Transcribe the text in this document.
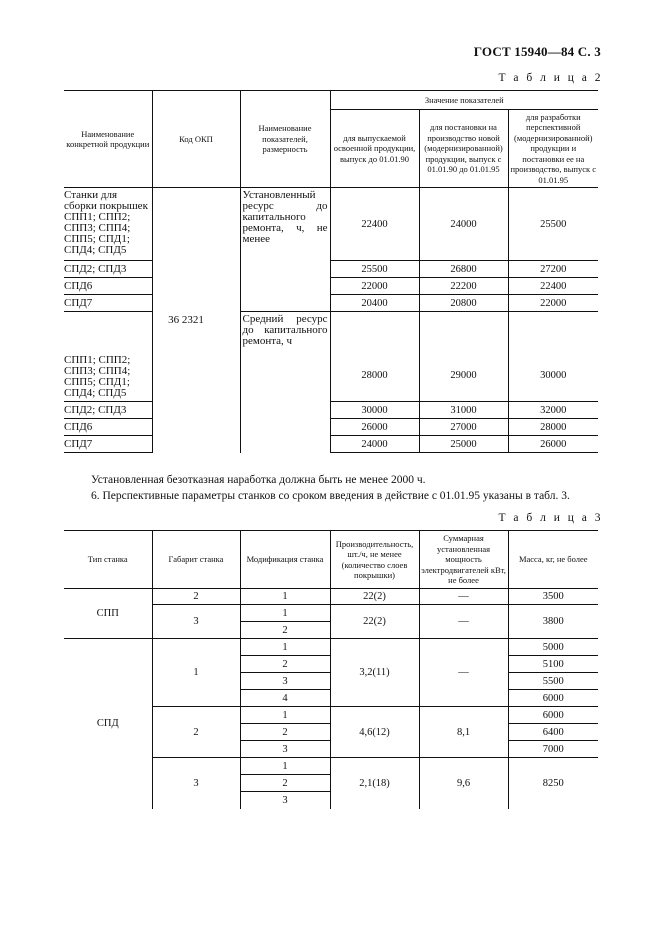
ГОСТ 15940—84 С. 3
Т а б л и ц а 2
Наименование конкретной продукции	Код ОКП	Наименование показателей, размерность	Значение показателей		
			для выпускаемой освоенной продукции, выпуск до 01.01.90	для постановки на производство новой (модернизированной) продукции, выпуск с 01.01.90 до 01.01.95	для разработки перспективной (модернизированной) продукции и постановки ее на производство, выпуск с 01.01.95
Станки для сборки покрышек СПП1; СПП2; СПП3; СПП4; СПП5; СПД1; СПД4; СПД5	36 2321	Установленный ресурс до капитального ремонта, ч, не менее	22400	24000	25500
СПД2; СПД3			25500	26800	27200
СПД6			22000	22200	22400
СПД7			20400	20800	22000
СПП1; СПП2; СПП3; СПП4; СПП5; СПД1; СПД4; СПД5		Средний ресурс до капитального ремонта, ч	28000	29000	30000
СПД2; СПД3			30000	31000	32000
СПД6			26000	27000	28000
СПД7			24000	25000	26000
Установленная безотказная наработка должна быть не менее 2000 ч.
6. Перспективные параметры станков со сроком введения в действие с 01.01.95 указаны в табл. 3.
Т а б л и ц а 3
Тип станка	Габарит станка	Модификация станка	Производительность, шт./ч, не менее (количество слоев покрышки)	Суммарная установленная мощность электродвигателей кВт, не более	Масса, кг, не более
СПП	2	1	22(2)	—	3500
	3	1	22(2)	—	3800
		2			
СПД	1	1	3,2(11)	—	5000
		2			5100
		3			5500
		4			6000
	2	1	4,6(12)	8,1	6000
		2			6400
		3			7000
	3	1	2,1(18)	9,6	8250
		2			
		3			
